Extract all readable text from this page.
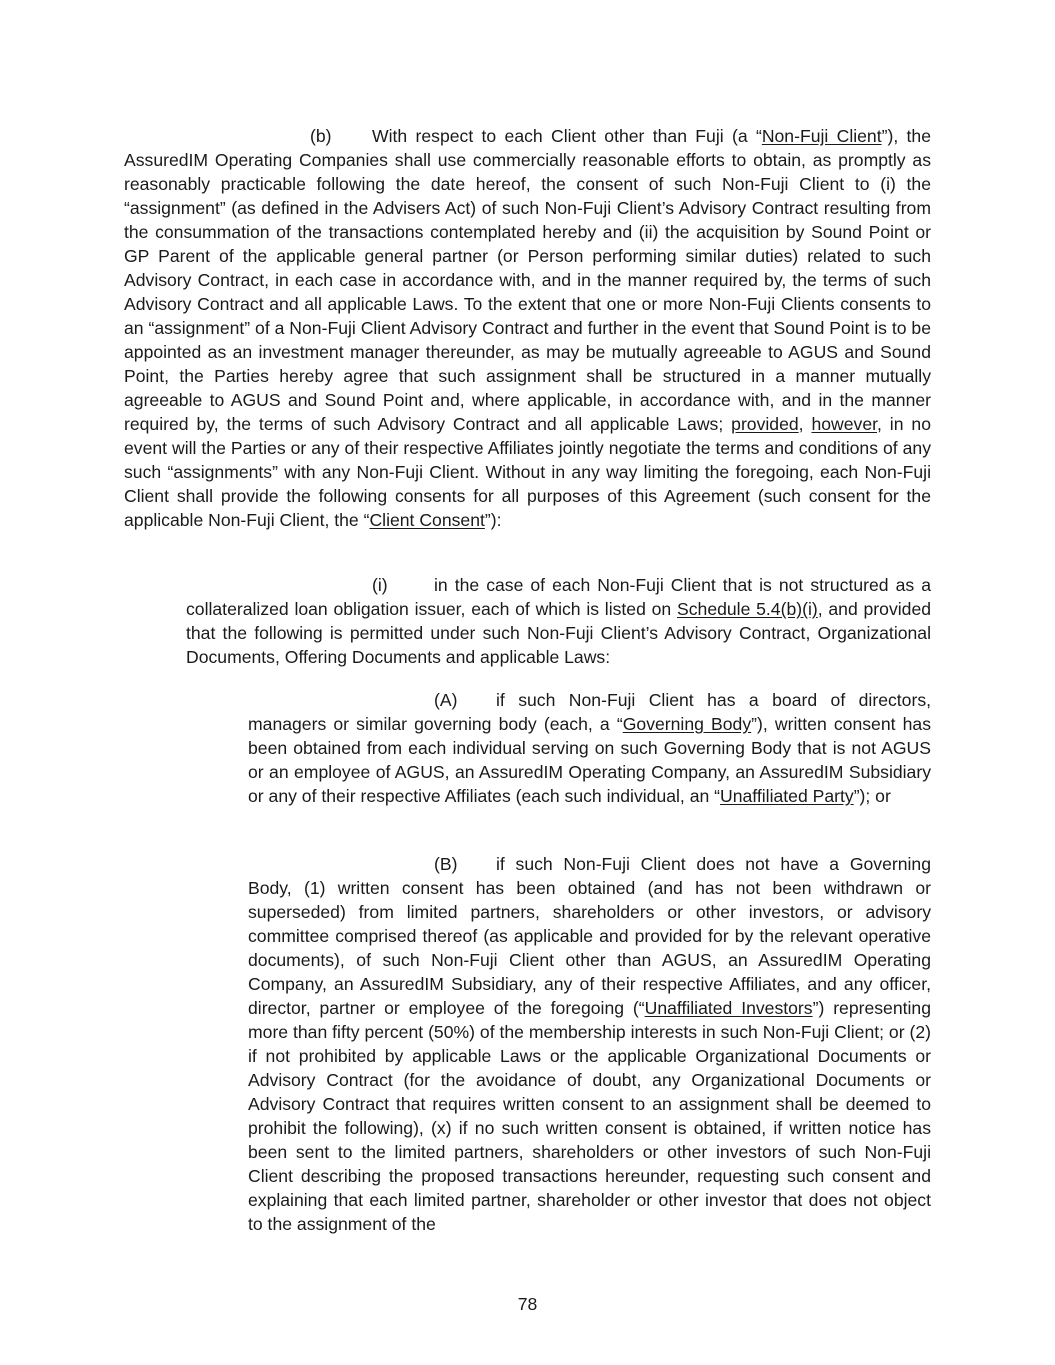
(b) With respect to each Client other than Fuji (a “Non-Fuji Client”), the AssuredIM Operating Companies shall use commercially reasonable efforts to obtain, as promptly as reasonably practicable following the date hereof, the consent of such Non-Fuji Client to (i) the “assignment” (as defined in the Advisers Act) of such Non-Fuji Client’s Advisory Contract resulting from the consummation of the transactions contemplated hereby and (ii) the acquisition by Sound Point or GP Parent of the applicable general partner (or Person performing similar duties) related to such Advisory Contract, in each case in accordance with, and in the manner required by, the terms of such Advisory Contract and all applicable Laws. To the extent that one or more Non-Fuji Clients consents to an “assignment” of a Non-Fuji Client Advisory Contract and further in the event that Sound Point is to be appointed as an investment manager thereunder, as may be mutually agreeable to AGUS and Sound Point, the Parties hereby agree that such assignment shall be structured in a manner mutually agreeable to AGUS and Sound Point and, where applicable, in accordance with, and in the manner required by, the terms of such Advisory Contract and all applicable Laws; provided, however, in no event will the Parties or any of their respective Affiliates jointly negotiate the terms and conditions of any such “assignments” with any Non-Fuji Client. Without in any way limiting the foregoing, each Non-Fuji Client shall provide the following consents for all purposes of this Agreement (such consent for the applicable Non-Fuji Client, the “Client Consent”):

(i)	in the case of each Non-Fuji Client that is not structured as a collateralized loan obligation issuer, each of which is listed on Schedule 5.4(b)(i), and provided that the following is permitted under such Non-Fuji Client’s Advisory Contract, Organizational Documents, Offering Documents and applicable Laws:

(A) if such Non-Fuji Client has a board of directors, managers or similar governing body (each, a “Governing Body”), written consent has been obtained from each individual serving on such Governing Body that is not AGUS or an employee of AGUS, an AssuredIM Operating Company, an AssuredIM Subsidiary or any of their respective Affiliates (each such individual, an “Unaffiliated Party”); or

(B) if such Non-Fuji Client does not have a Governing Body, (1) written consent has been obtained (and has not been withdrawn or superseded) from limited partners, shareholders or other investors, or advisory committee comprised thereof (as applicable and provided for by the relevant operative documents), of such Non-Fuji Client other than AGUS, an AssuredIM Operating Company, an AssuredIM Subsidiary, any of their respective Affiliates, and any officer, director, partner or employee of the foregoing (“Unaffiliated Investors”) representing more than fifty percent (50%) of the membership interests in such Non-Fuji Client; or (2) if not prohibited by applicable Laws or the applicable Organizational Documents or Advisory Contract (for the avoidance of doubt, any Organizational Documents or Advisory Contract that requires written consent to an assignment shall be deemed to prohibit the following), (x) if no such written consent is obtained, if written notice has been sent to the limited partners, shareholders or other investors of such Non-Fuji Client describing the proposed transactions hereunder, requesting such consent and explaining that each limited partner, shareholder or other investor that does not object to the assignment of the

78
